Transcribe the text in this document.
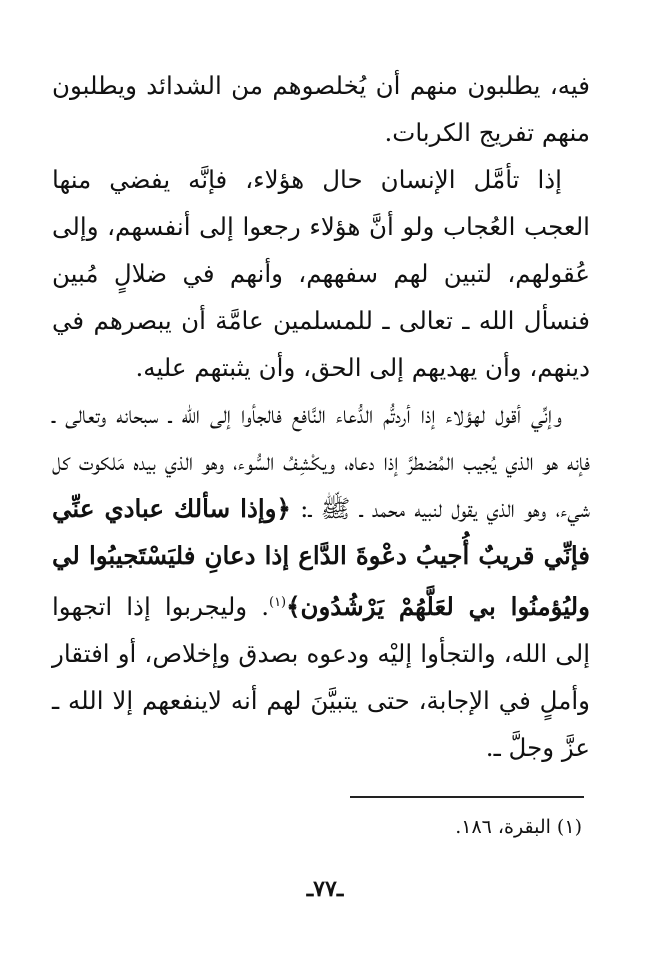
فيه، يطلبون منهم أن يُخلصوهم من الشدائد ويطلبون منهم تفريج الكربات.

إذا تأمَّل الإنسان حال هؤلاء، فإنَّه يفضي منها العجب العُجاب ولو أنَّ هؤلاء رجعوا إلى أنفسهم، وإلى عُقولهم، لتبين لهم سفههم، وأنهم في ضلالٍ مُبين فنسأل الله ـ تعالى ـ للمسلمين عامَّة أن يبصرهم في دينهم، وأن يهديهم إلى الحق، وأن يثبتهم عليه.

وإنِّي أقول لهؤلاء إذا أردتُّم الدُّعاء النَّافع فالجأوا إلى الله ـ سبحانه وتعالى ـ فإنه هو الذي يُجيب المُضطرَّ إذا دعاه، ويكْشِفُ السُّوء، وهو الذي بيده مَلكوت كل شيء، وهو الذي يقول لنبيه محمد ـ ﷺ ـ: ﴿وإذا سألك عبادي عنِّي فإنِّي قريبٌ أُجيبُ دعْوةَ الدَّاع إذا دعانِ فليَسْتَجيبُوا لي وليُؤمنُوا بي لعَلَّهُمْ يَرْشُدُون﴾$^{(١)}$. وليجربوا إذا اتجهوا إلى الله، والتجأوا إليْه ودعوه بصدق وإخلاص، أو افتقار وأملٍ في الإجابة، حتى يتبيَّنَ لهم أنه لاينفعهم إلا الله ـ عزَّ وجلَّ ـ.

(١) البقرة، ١٨٦.
ـ٧٧ـ
